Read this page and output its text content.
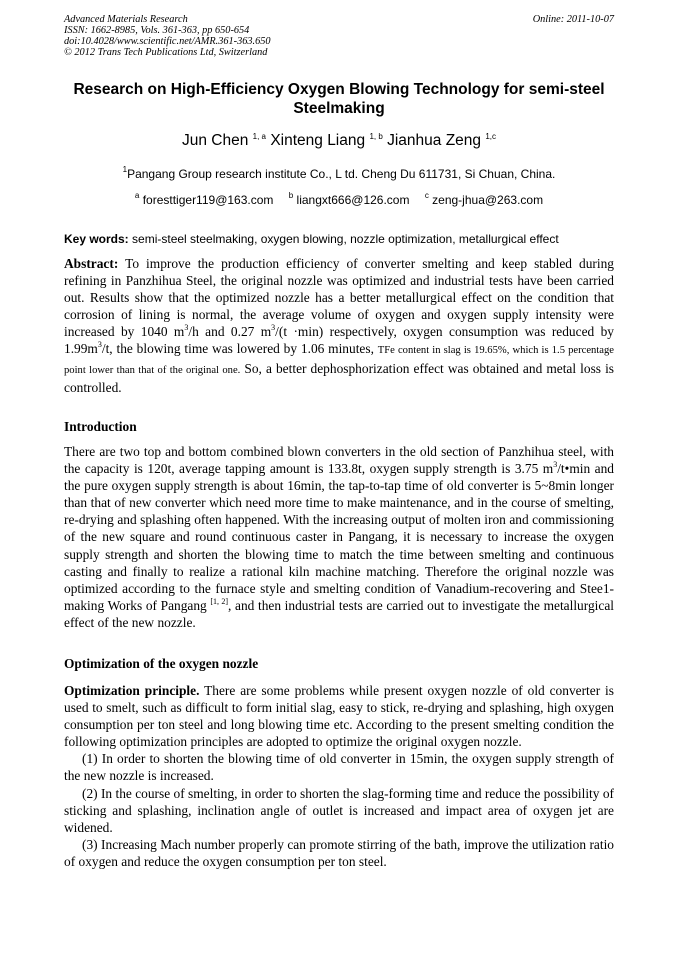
Advanced Materials Research
ISSN: 1662-8985, Vols. 361-363, pp 650-654
doi:10.4028/www.scientific.net/AMR.361-363.650
© 2012 Trans Tech Publications Ltd, Switzerland
Online: 2011-10-07
Research on High-Efficiency Oxygen Blowing Technology for semi-steel Steelmaking
Jun Chen $^{1, a}$ Xinteng Liang $^{1, b}$ Jianhua Zeng $^{1,c}$
$^1$Pangang Group research institute Co., L td. Cheng Du 611731, Si Chuan, China.
$^a$ foresttiger119@163.com $^b$ liangxt666@126.com $^c$ zeng-jhua@263.com
Key words: semi-steel steelmaking, oxygen blowing, nozzle optimization, metallurgical effect
Abstract: To improve the production efficiency of converter smelting and keep stabled during refining in Panzhihua Steel, the original nozzle was optimized and industrial tests have been carried out. Results show that the optimized nozzle has a better metallurgical effect on the condition that corrosion of lining is normal, the average volume of oxygen and oxygen supply intensity were increased by 1040 $m^3/h$ and 0.27 $m^3/(t \cdot\min)$ respectively, oxygen consumption was reduced by $1.99m^3/t$, the blowing time was lowered by 1.06 minutes, TFe content in slag is 19.65%, which is 1.5 percentage point lower than that of the original one. So, a better dephosphorization effect was obtained and metal loss is controlled.
Introduction
There are two top and bottom combined blown converters in the old section of Panzhihua steel, with the capacity is 120t, average tapping amount is 133.8t, oxygen supply strength is 3.75 $m^3/t•\min$ and the pure oxygen supply strength is about 16min, the tap-to-tap time of old converter is 5~8min longer than that of new converter which need more time to make maintenance, and in the course of smelting, re-drying and splashing often happened. With the increasing output of molten iron and commissioning of the new square and round continuous caster in Pangang, it is necessary to increase the oxygen supply strength and shorten the blowing time to match the time between smelting and continuous casting and finally to realize a rational kiln machine matching. Therefore the original nozzle was optimized according to the furnace style and smelting condition of Vanadium-recovering and Stee1-making Works of Pangang [1, 2], and then industrial tests are carried out to investigate the metallurgical effect of the new nozzle.
Optimization of the oxygen nozzle

Optimization principle. There are some problems while present oxygen nozzle of old converter is used to smelt, such as difficult to form initial slag, easy to stick, re-drying and splashing, high oxygen consumption per ton steel and long blowing time etc. According to the present smelting condition the following optimization principles are adopted to optimize the original oxygen nozzle.

(1) In order to shorten the blowing time of old converter in 15min, the oxygen supply strength of the new nozzle is increased.

(2) In the course of smelting, in order to shorten the slag-forming time and reduce the possibility of sticking and splashing, inclination angle of outlet is increased and impact area of oxygen jet are widened.

(3) Increasing Mach number properly can promote stirring of the bath, improve the utilization ratio of oxygen and reduce the oxygen consumption per ton steel.
